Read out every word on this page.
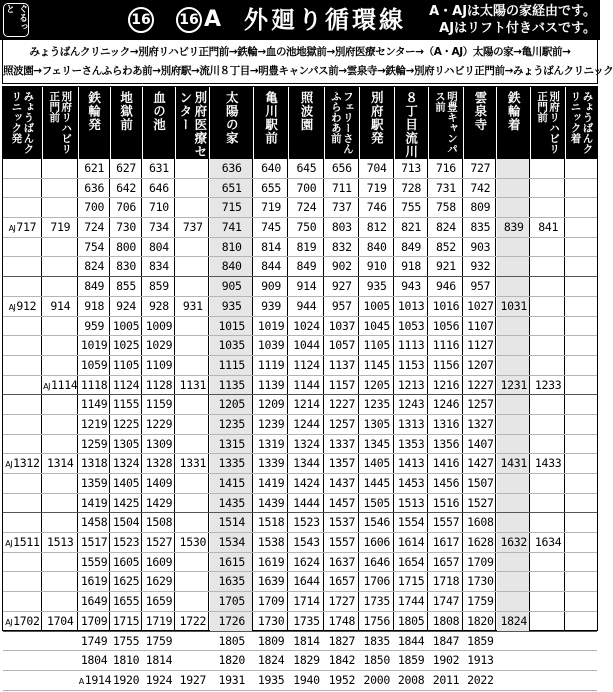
ぐるっと
16 16 A 外廻り循環線	A・AJは太陽の家経由です。
AJはリフト付きバスです。
みょうばんクリニック→別府リハビリ正門前→鉄輪→血の池地獄前→別府医療センター→（A・AJ）太陽の家→亀川駅前→
照波園→フェリーさんふらわあ前→別府駅→流川８丁目→明豊キャンパス前→雲泉寺→鉄輪→別府リハビリ正門前→みょうばんクリニック
みょうばんクリニック発
AJ717
AJ912
AJ1312
AJ1511
AJ1702
別府リハビリ正門前
719
914
AJ1114
1314
1513
1704
鉄輪発
621
636
700
724
754
824
849
918
959
1019
1059
1118
1149
1219
1259
1318
1359
1419
1458
1517
1559
1619
1649
1709
1749
1804
A1914
地獄前
627
642
706
730
800
830
855
924
1005
1025
1105
1124
1155
1225
1305
1324
1405
1425
1504
1523
1605
1625
1655
1715
1755
1810
1920
血の池
631
646
710
734
804
834
859
928
1009
1029
1109
1128
1159
1229
1309
1328
1409
1429
1508
1527
1609
1629
1659
1719
1759
1814
1924
別府医療センター
737
931
1131
1331
1530
1722
1927
太陽の家
636
651
715
741
810
840
905
935
1015
1035
1115
1135
1205
1235
1315
1335
1415
1435
1514
1534
1615
1635
1705
1726
1805
1820
1931
亀川駅前
640
655
719
745
814
844
909
939
1019
1039
1119
1139
1209
1239
1319
1339
1419
1439
1518
1538
1619
1639
1709
1730
1809
1824
1935
照波園
645
700
724
750
819
849
914
944
1024
1044
1124
1144
1214
1244
1324
1344
1424
1444
1523
1543
1624
1644
1714
1735
1814
1829
1940
フェリーさんふらわあ前
656
711
737
803
832
902
927
957
1037
1057
1137
1157
1227
1257
1337
1357
1437
1457
1537
1557
1637
1657
1727
1748
1827
1842
1952
別府駅発
704
719
746
812
840
910
935
1005
1045
1105
1145
1205
1235
1305
1345
1405
1445
1505
1546
1606
1646
1706
1735
1756
1835
1850
2000
８丁目流川
713
728
755
821
849
918
943
1013
1053
1113
1153
1213
1243
1313
1353
1413
1453
1513
1554
1614
1654
1715
1744
1805
1844
1859
2008
明豊キャンパス前
716
731
758
824
852
921
946
1016
1056
1116
1156
1216
1246
1316
1356
1416
1456
1516
1557
1617
1657
1718
1747
1808
1847
1902
2011
雲泉寺
727
742
809
835
903
932
957
1027
1107
1127
1207
1227
1257
1327
1407
1427
1507
1527
1608
1628
1709
1730
1759
1820
1859
1913
2022
鉄輪着
839
1031
1231
1431
1632
1824
別府リハビリ正門前
841
1233
1433
1634
みょうばんクリニック着
